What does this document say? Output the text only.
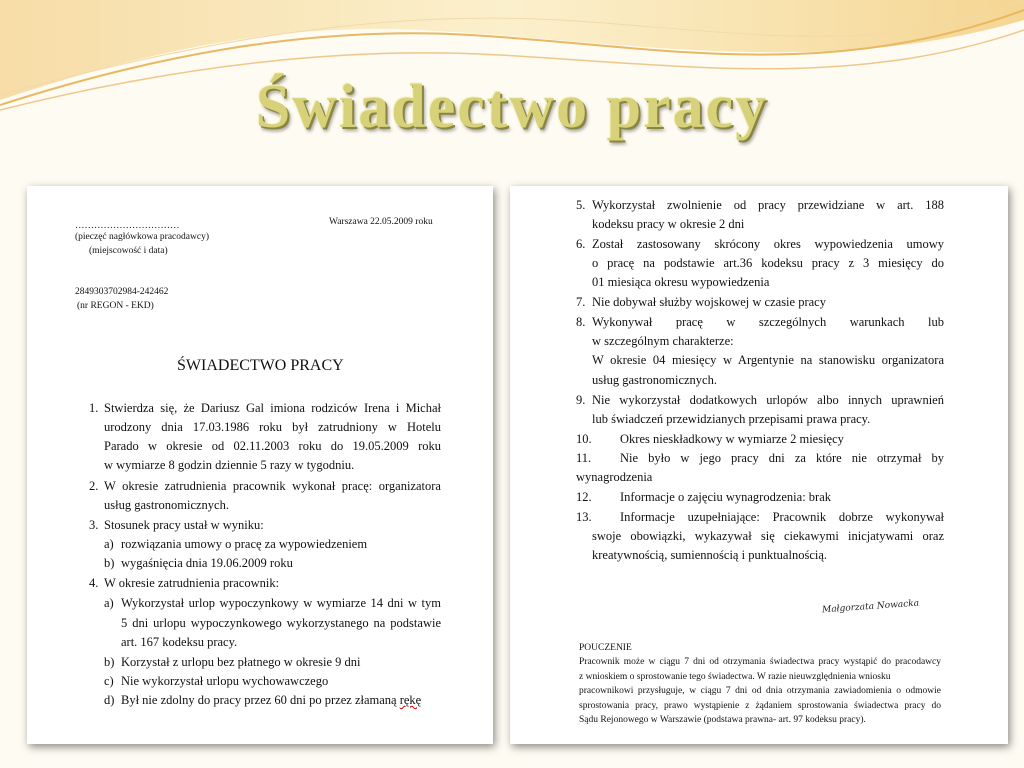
Świadectwo pracy
……………………………	Warszawa 22.05.2009 roku
(pieczęć nagłówkowa pracodawcy)
(miejscowość i data)
2849303702984-242462
(nr REGON - EKD)
ŚWIADECTWO PRACY
1. Stwierdza się, że Dariusz Gal imiona rodziców Irena i Michał
urodzony dnia 17.03.1986 roku był zatrudniony w Hotelu
Parado w okresie od 02.11.2003 roku do 19.05.2009 roku
w wymiarze 8 godzin dziennie 5 razy w tygodniu.
2. W okresie zatrudnienia pracownik wykonał pracę: organizatora
usług gastronomicznych.
3. Stosunek pracy ustał w wyniku:
a) rozwiązania umowy o pracę za wypowiedzeniem
b) wygaśnięcia dnia 19.06.2009 roku
4. W okresie zatrudnienia pracownik:
a) Wykorzystał urlop wypoczynkowy w wymiarze 14 dni w tym
5 dni urlopu wypoczynkowego wykorzystanego na podstawie
art. 167 kodeksu pracy.
b) Korzystał z urlopu bez płatnego w okresie 9 dni
c) Nie wykorzystał urlopu wychowawczego
d) Był nie zdolny do pracy przez 60 dni po przez złamaną rękę
5. Wykorzystał zwolnienie od pracy przewidziane w art. 188
kodeksu pracy w okresie 2 dni
6. Został zastosowany skrócony okres wypowiedzenia umowy
o pracę na podstawie art.36 kodeksu pracy z 3 miesięcy do
01 miesiąca okresu wypowiedzenia
7. Nie dobywał służby wojskowej w czasie pracy
8. Wykonywał pracę w szczególnych warunkach lub
w szczególnym charakterze:
W okresie 04 miesięcy w Argentynie na stanowisku organizatora
usług gastronomicznych.
9. Nie wykorzystał dodatkowych urlopów albo innych uprawnień
lub świadczeń przewidzianych przepisami prawa pracy.
10. Okres nieskładkowy w wymiarze 2 miesięcy
11. Nie było w jego pracy dni za które nie otrzymał by
wynagrodzenia
12. Informacje o zajęciu wynagrodzenia: brak
13. Informacje uzupełniające: Pracownik dobrze wykonywał
swoje obowiązki, wykazywał się ciekawymi inicjatywami oraz
kreatywnością, sumiennością i punktualnością.
Małgorzata Nowacka
POUCZENIE
Pracownik może w ciągu 7 dni od otrzymania świadectwa pracy wystąpić do pracodawcy
z wnioskiem o sprostowanie tego świadectwa. W razie nieuwzględnienia wniosku
pracownikowi przysługuje, w ciągu 7 dni od dnia otrzymania zawiadomienia o odmowie
sprostowania pracy, prawo wystąpienie z żądaniem sprostowania świadectwa pracy do
Sądu Rejonowego w Warszawie (podstawa prawna- art. 97 kodeksu pracy).
